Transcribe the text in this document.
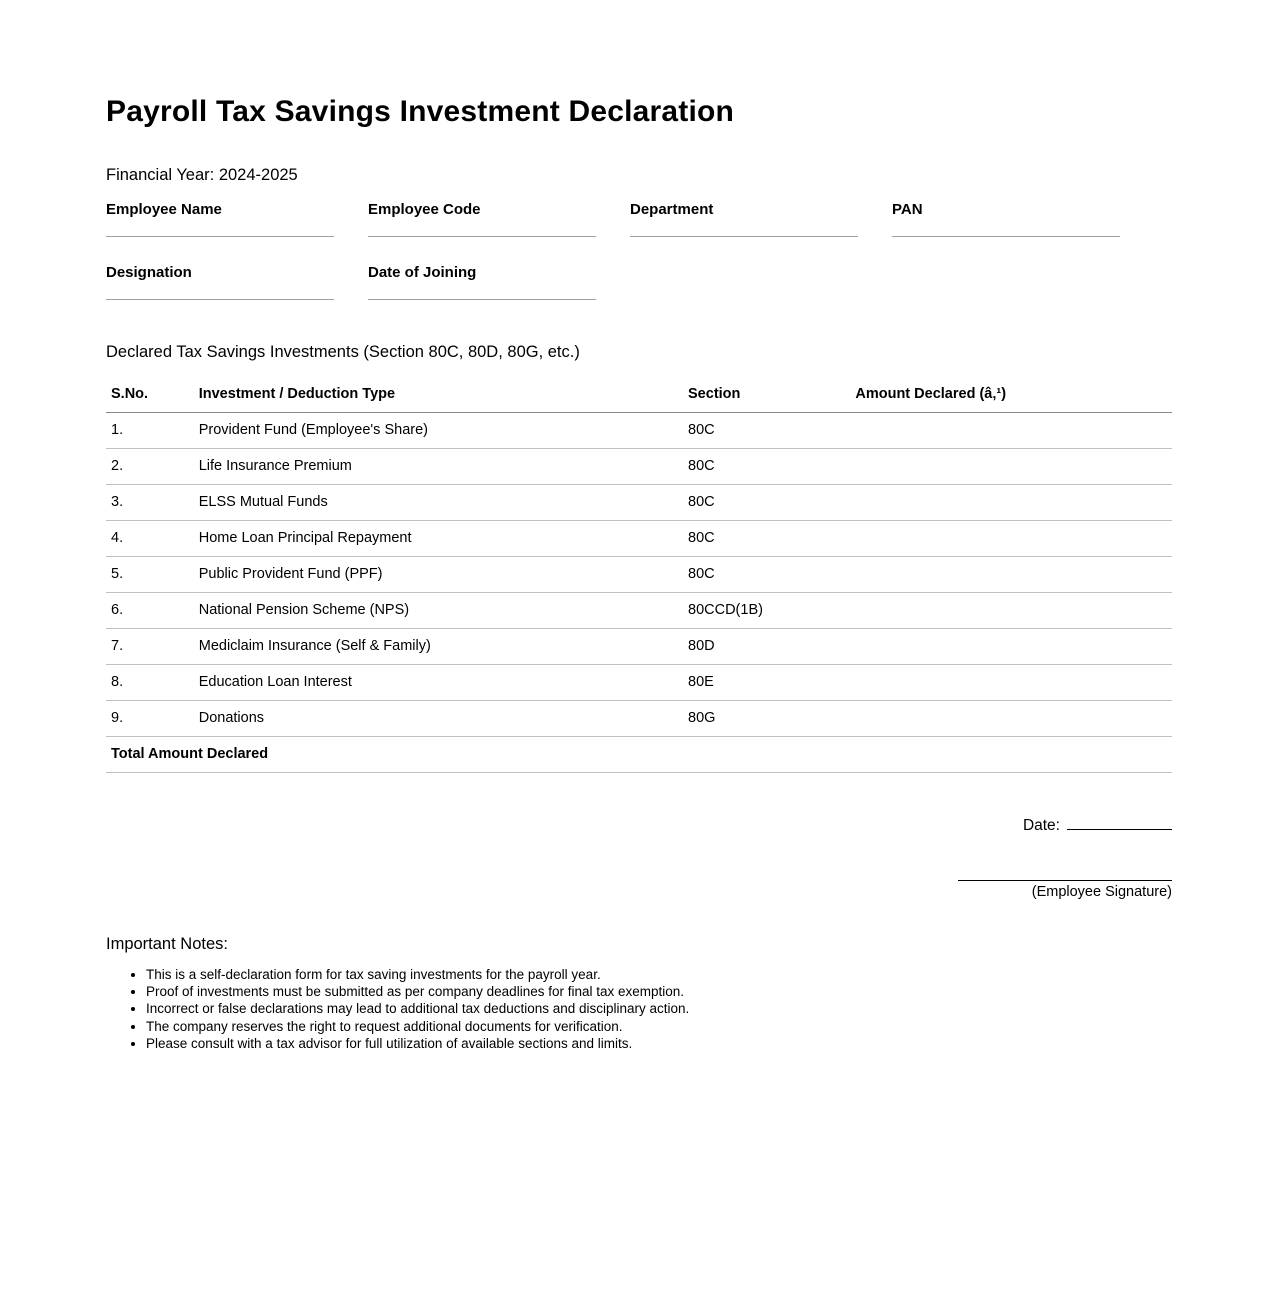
Payroll Tax Savings Investment Declaration
Financial Year: 2024-2025
Employee Name	Employee Code	Department	PAN
Designation	Date of Joining
Declared Tax Savings Investments (Section 80C, 80D, 80G, etc.)
S.No.	Investment / Deduction Type	Section	Amount Declared (â‚¹)
1.	Provident Fund (Employee's Share)	80C	
2.	Life Insurance Premium	80C	
3.	ELSS Mutual Funds	80C	
4.	Home Loan Principal Repayment	80C	
5.	Public Provident Fund (PPF)	80C	
6.	National Pension Scheme (NPS)	80CCD(1B)	
7.	Mediclaim Insurance (Self & Family)	80D	
8.	Education Loan Interest	80E	
9.	Donations	80G	
Total Amount Declared			
Date:
(Employee Signature)
Important Notes:
• This is a self-declaration form for tax saving investments for the payroll year.
• Proof of investments must be submitted as per company deadlines for final tax exemption.
• Incorrect or false declarations may lead to additional tax deductions and disciplinary action.
• The company reserves the right to request additional documents for verification.
• Please consult with a tax advisor for full utilization of available sections and limits.
